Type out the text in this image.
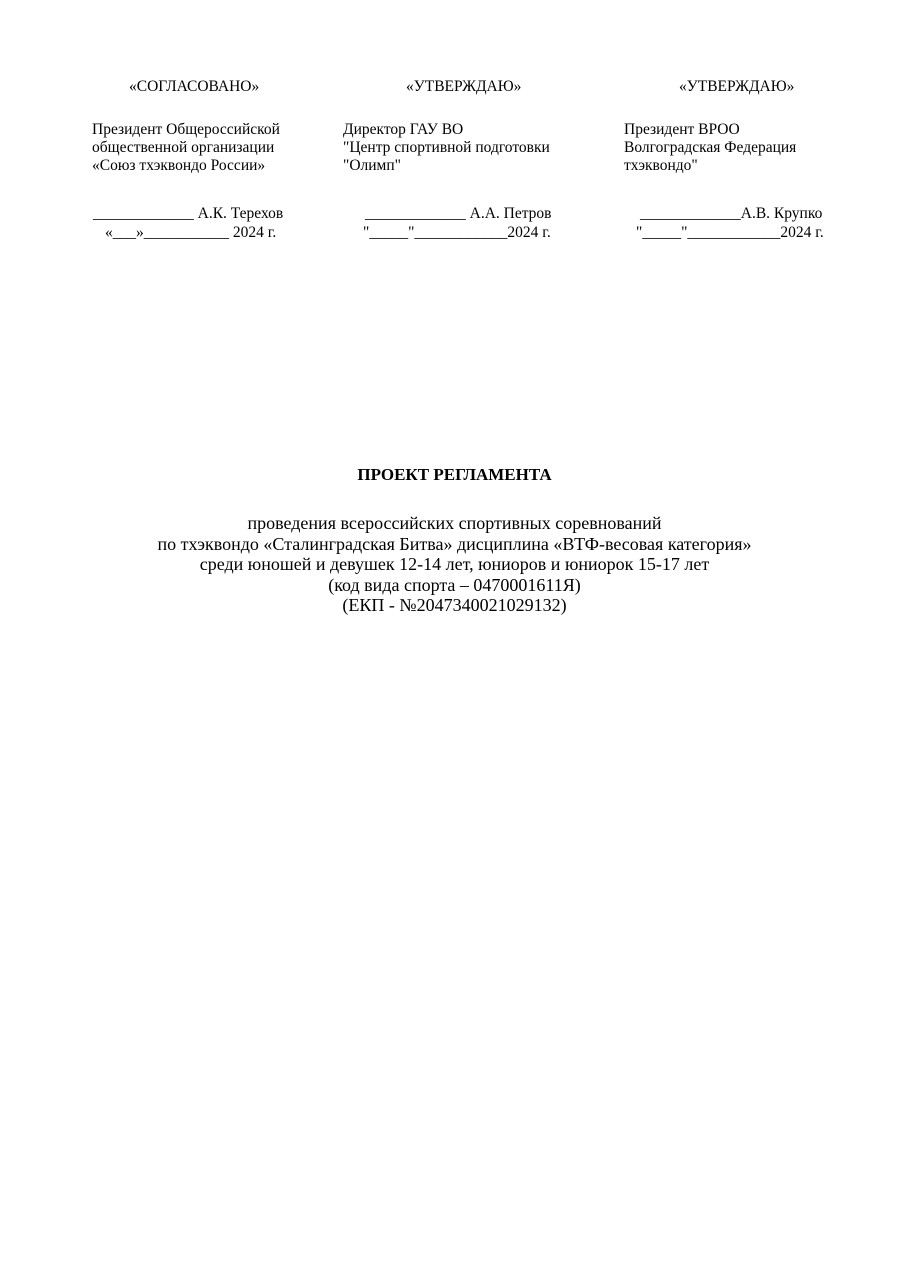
«СОГЛАСОВАНО»
Президент Общероссийской
общественной организации
«Союз тхэквондо России»
_____________ А.К. Терехов
«___»___________ 2024 г.
«УТВЕРЖДАЮ»
Директор ГАУ ВО
"Центр спортивной подготовки
"Олимп"
_____________ А.А. Петров
"_____"____________2024 г.
«УТВЕРЖДАЮ»
Президент ВРОО
Волгоградская Федерация
тхэквондо"
_____________А.В. Крупко
"_____"____________2024 г.
ПРОЕКТ РЕГЛАМЕНТА
проведения всероссийских спортивных соревнований
по тхэквондо «Сталинградская Битва» дисциплина «ВТФ-весовая категория»
среди юношей и девушек 12-14 лет, юниоров и юниорок 15-17 лет
(код вида спорта – 0470001611Я)
(ЕКП - №2047340021029132)
